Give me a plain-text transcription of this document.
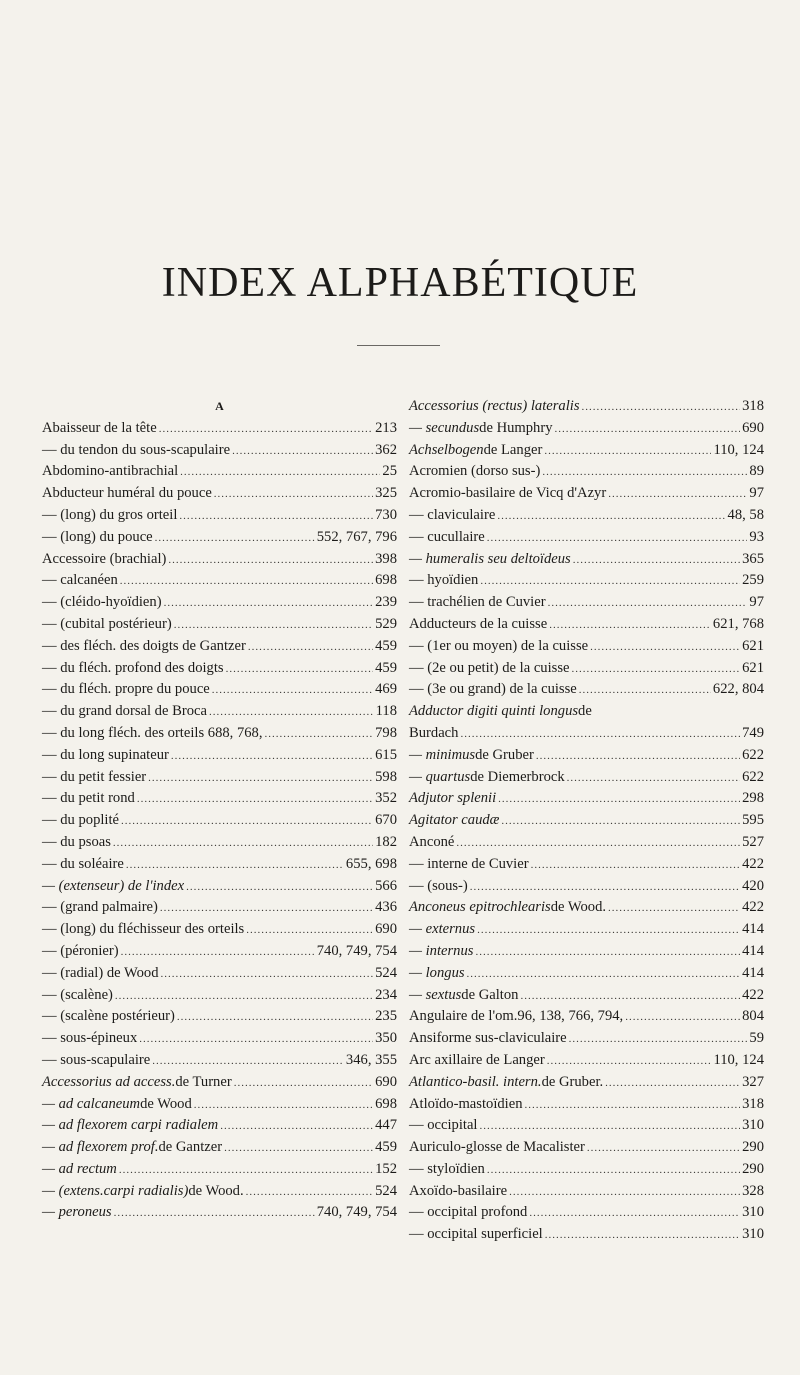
INDEX ALPHABÉTIQUE
A
Abaisseur de la tête .....	213
— du tendon du sous-scapulaire .....	362
Abdomino-antibrachial .....	25
Abducteur huméral du pouce .....	325
— (long) du gros orteil .....	730
— (long) du pouce .....	552, 767, 796
Accessoire (brachial) .....	398
— calcanéen .....	698
— (cléido-hyoïdien) .....	239
— (cubital postérieur) .....	529
— des fléch. des doigts de Gantzer .....	459
— du fléch. profond des doigts .....	459
— du fléch. propre du pouce .....	469
— du grand dorsal de Broca .....	118
— du long fléch. des orteils 688, 768, .....	798
— du long supinateur .....	615
— du petit fessier .....	598
— du petit rond .....	352
— du poplité .....	670
— du psoas .....	182
— du soléaire .....	655, 698
— (extenseur) de l'index .....	566
— (grand palmaire) .....	436
— (long) du fléchisseur des orteils .....	690
— (péronier) .....	740, 749, 754
— (radial) de Wood .....	524
— (scalène) .....	234
— (scalène postérieur) .....	235
— sous-épineux .....	350
— sous-scapulaire .....	346, 355
Accessorius ad access. de Turner .....	690
— ad calcaneum de Wood .....	698
— ad flexorem carpi radialem .....	447
— ad flexorem prof. de Gantzer .....	459
— ad rectum .....	152
— (extens.carpi radialis) de Wood. .....	524
— peroneus .....	740, 749, 754
Accessorius (rectus) lateralis .....	318
— secundus de Humphry .....	690
Achselbogen de Langer .....	110, 124
Acromien (dorso sus-) .....	89
Acromio-basilaire de Vicq d'Azyr .....	97
— claviculaire .....	48, 58
— cucullaire .....	93
— humeralis seu deltoïdeus .....	365
— hyoïdien .....	259
— trachélien de Cuvier .....	97
Adducteurs de la cuisse .....	621, 768
— (1er ou moyen) de la cuisse .....	621
— (2e ou petit) de la cuisse .....	621
— (3e ou grand) de la cuisse .....	622, 804
Adductor digiti quinti longus de
Burdach .....	749
— minimus de Gruber .....	622
— quartus de Diemerbrock .....	622
Adjutor splenii .....	298
Agitator caudæ .....	595
Anconé .....	527
— interne de Cuvier .....	422
— (sous-) .....	420
Anconeus epitrochlearis de Wood. .....	422
— externus .....	414
— internus .....	414
— longus .....	414
— sextus de Galton .....	422
Angulaire de l'om.96, 138, 766, 794, .....	804
Ansiforme sus-claviculaire .....	59
Arc axillaire de Langer .....	110, 124
Atlantico-basil. intern. de Gruber. .....	327
Atloïdo-mastoïdien .....	318
— occipital .....	310
Auriculo-glosse de Macalister .....	290
— styloïdien .....	290
Axoïdo-basilaire .....	328
— occipital profond .....	310
— occipital superficiel .....	310
